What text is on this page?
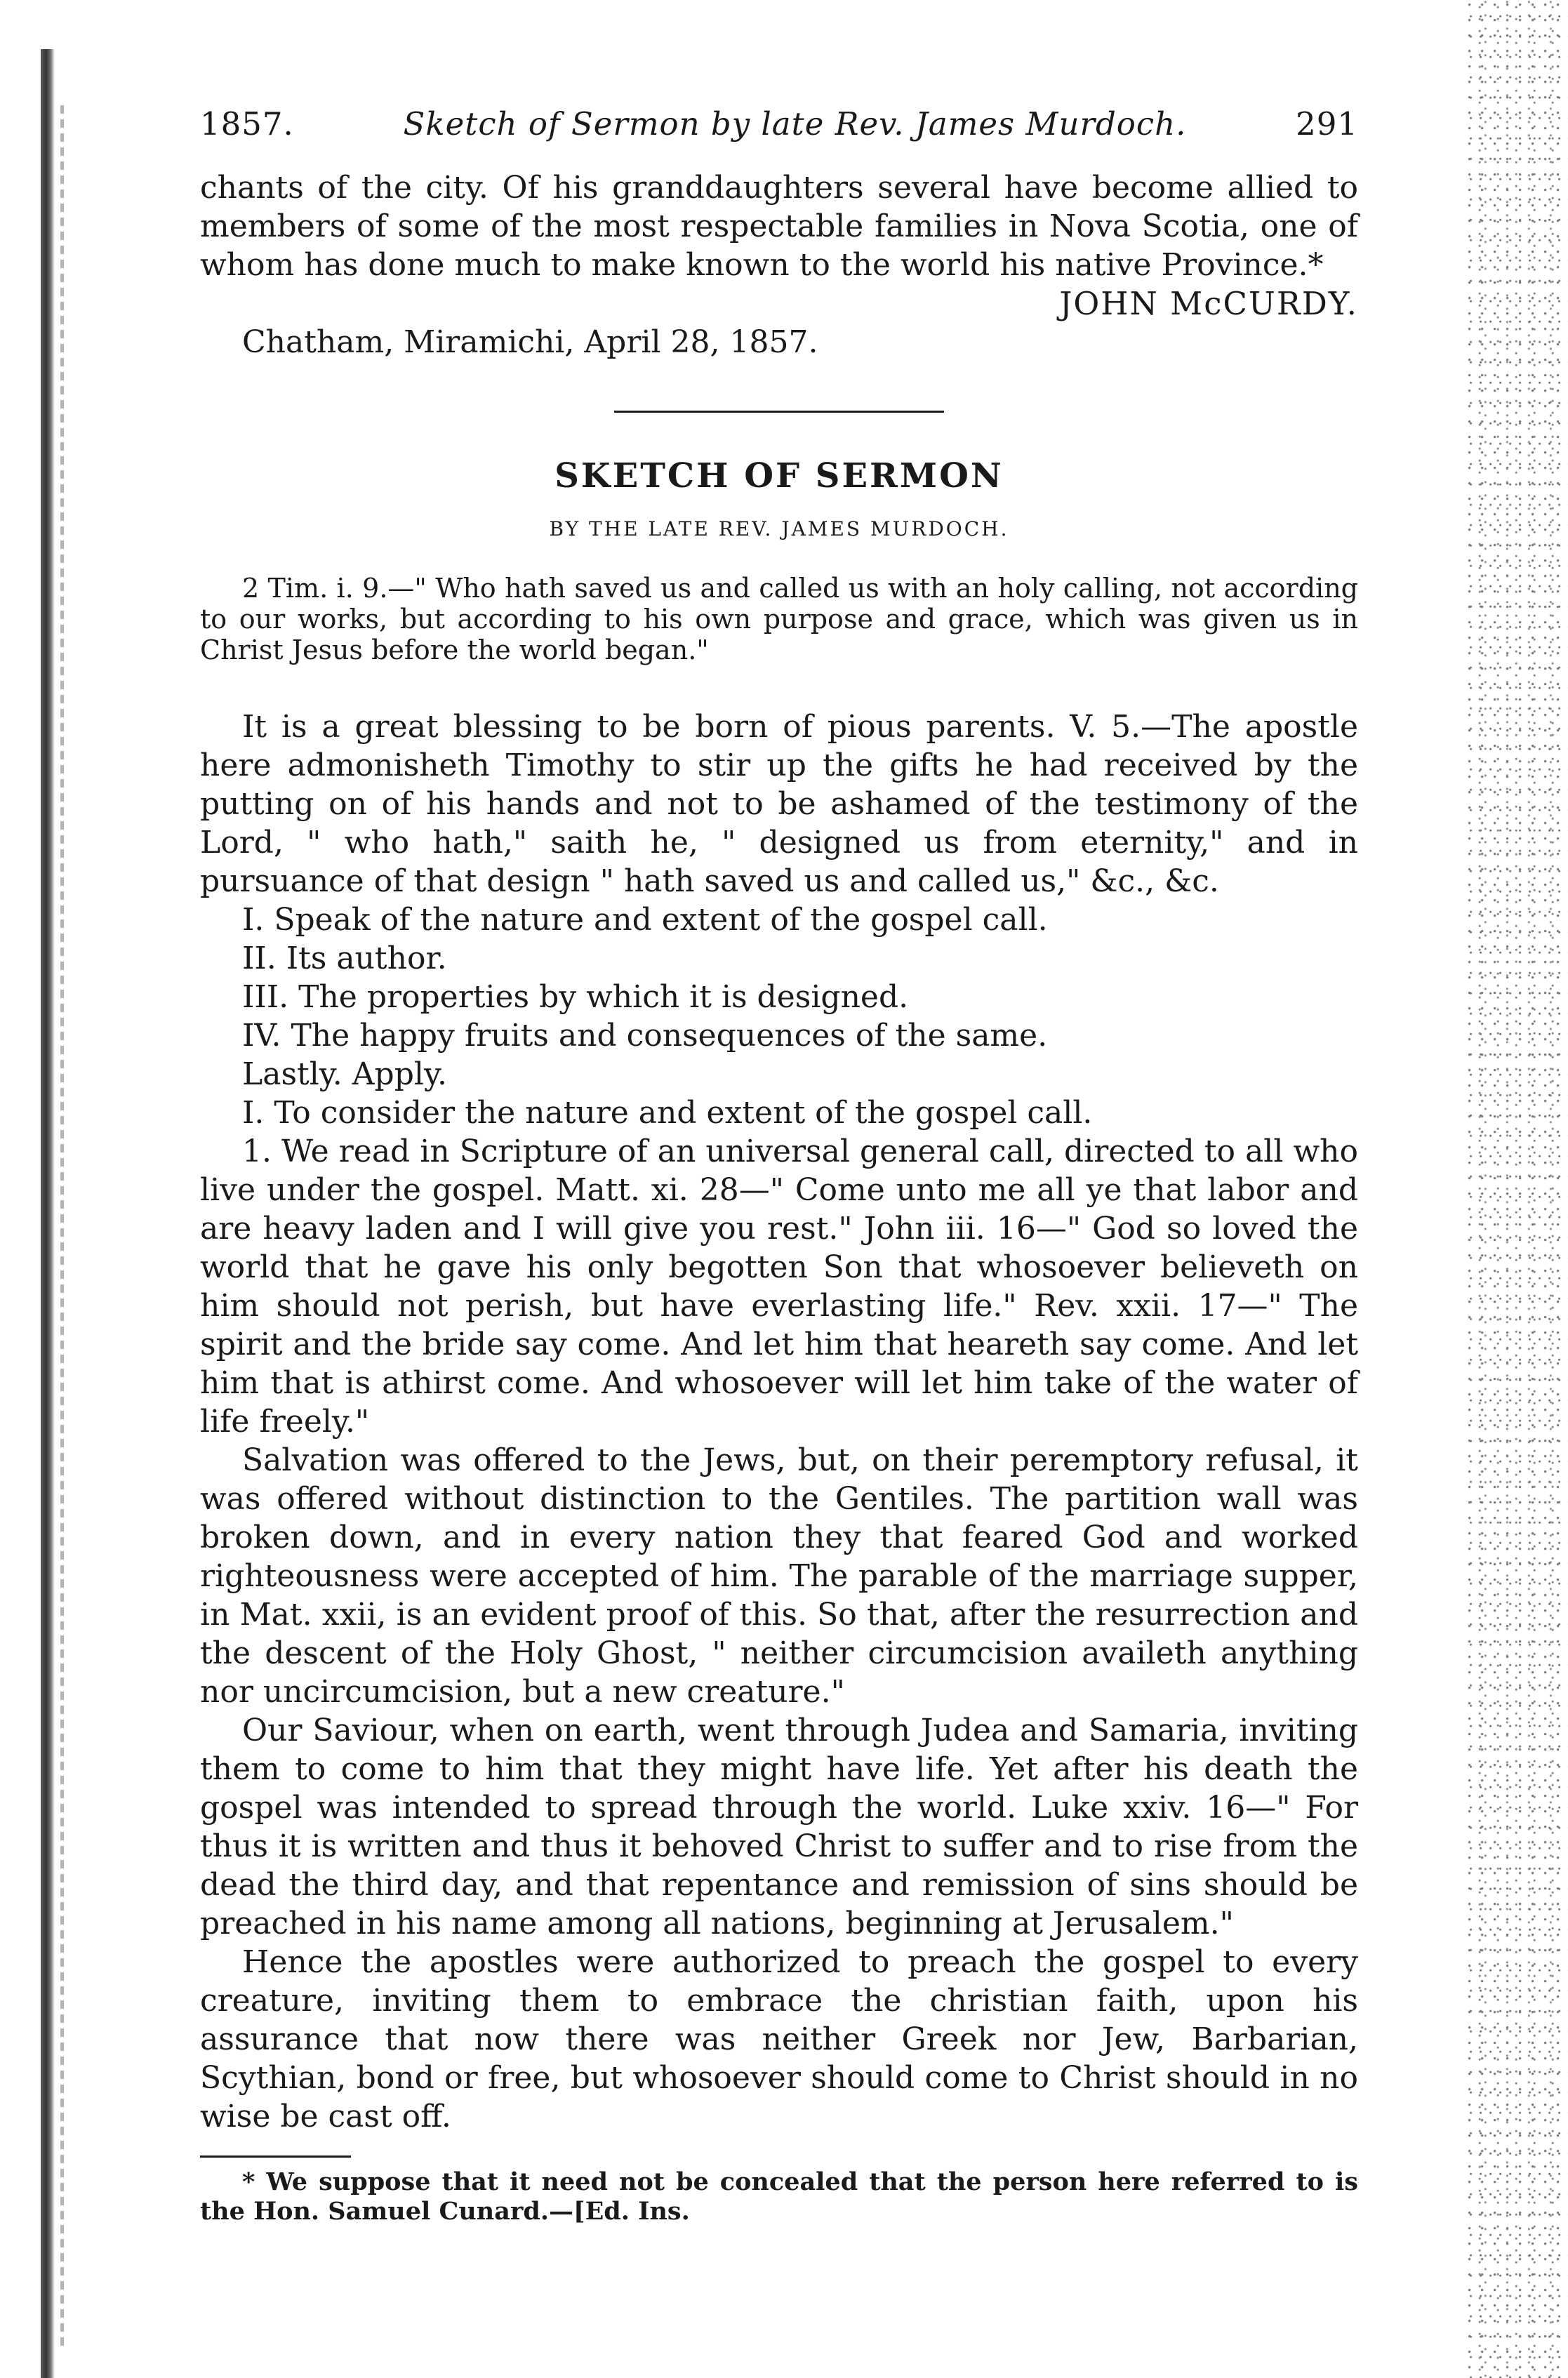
1857.	Sketch of Sermon by late Rev. James Murdoch.	291

chants of the city. Of his granddaughters several have become allied to members of some of the most respectable families in Nova Scotia, one of whom has done much to make known to the world his native Province.*

JOHN McCURDY.

Chatham, Miramichi, April 28, 1857.

SKETCH OF SERMON

BY THE LATE REV. JAMES MURDOCH.

2 Tim. i. 9.—" Who hath saved us and called us with an holy calling, not according to our works, but according to his own purpose and grace, which was given us in Christ Jesus before the world began."

It is a great blessing to be born of pious parents. V. 5.—The apostle here admonisheth Timothy to stir up the gifts he had received by the putting on of his hands and not to be ashamed of the testimony of the Lord, " who hath," saith he, " designed us from eternity," and in pursuance of that design " hath saved us and called us," &c., &c.

I. Speak of the nature and extent of the gospel call.

II. Its author.

III. The properties by which it is designed.

IV. The happy fruits and consequences of the same.

Lastly. Apply.

I. To consider the nature and extent of the gospel call.

1. We read in Scripture of an universal general call, directed to all who live under the gospel. Matt. xi. 28—" Come unto me all ye that labor and are heavy laden and I will give you rest." John iii. 16—" God so loved the world that he gave his only begotten Son that whosoever believeth on him should not perish, but have everlasting life." Rev. xxii. 17—" The spirit and the bride say come. And let him that heareth say come. And let him that is athirst come. And whosoever will let him take of the water of life freely."

Salvation was offered to the Jews, but, on their peremptory refusal, it was offered without distinction to the Gentiles. The partition wall was broken down, and in every nation they that feared God and worked righteousness were accepted of him. The parable of the marriage supper, in Mat. xxii, is an evident proof of this. So that, after the resurrection and the descent of the Holy Ghost, " neither circumcision availeth anything nor uncircumcision, but a new creature."

Our Saviour, when on earth, went through Judea and Samaria, inviting them to come to him that they might have life. Yet after his death the gospel was intended to spread through the world. Luke xxiv. 16—" For thus it is written and thus it behoved Christ to suffer and to rise from the dead the third day, and that repentance and remission of sins should be preached in his name among all nations, beginning at Jerusalem."

Hence the apostles were authorized to preach the gospel to every creature, inviting them to embrace the christian faith, upon his assurance that now there was neither Greek nor Jew, Barbarian, Scythian, bond or free, but whosoever should come to Christ should in no wise be cast off.

* We suppose that it need not be concealed that the person here referred to is the Hon. Samuel Cunard.—[Ed. Ins.
